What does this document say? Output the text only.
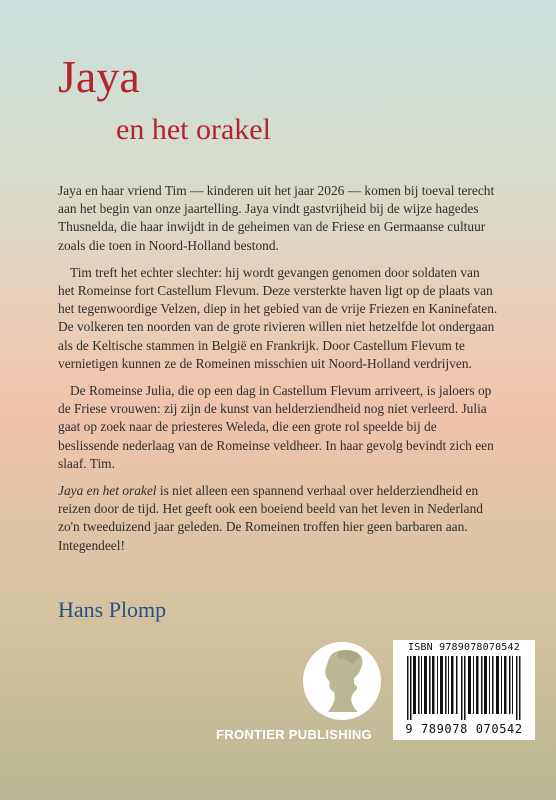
Jaya
en het orakel

Jaya en haar vriend Tim — kinderen uit het jaar 2026 — komen bij toeval terecht aan het begin van onze jaartelling. Jaya vindt gastvrijheid bij de wijze hagedes Thusnelda, die haar inwijdt in de geheimen van de Friese en Germaanse cultuur zoals die toen in Noord-Holland bestond.

Tim treft het echter slechter: hij wordt gevangen genomen door soldaten van het Romeinse fort Castellum Flevum. Deze versterkte haven ligt op de plaats van het tegenwoordige Velzen, diep in het gebied van de vrije Friezen en Kaninefaten. De volkeren ten noorden van de grote rivieren willen niet hetzelfde lot ondergaan als de Keltische stammen in België en Frankrijk. Door Castellum Flevum te vernietigen kunnen ze de Romeinen misschien uit Noord-Holland verdrijven.

De Romeinse Julia, die op een dag in Castellum Flevum arriveert, is jaloers op de Friese vrouwen: zij zijn de kunst van helderziendheid nog niet verleerd. Julia gaat op zoek naar de priesteres Weleda, die een grote rol speelde bij de beslissende nederlaag van de Romeinse veldheer. In haar gevolg bevindt zich een slaaf. Tim.

Jaya en het orakel is niet alleen een spannend verhaal over helderziendheid en reizen door de tijd. Het geeft ook een boeiend beeld van het leven in Nederland zo'n tweeduizend jaar geleden. De Romeinen troffen hier geen barbaren aan. Integendeel!

Hans Plomp
FRONTIER PUBLISHING
ISBN 9789078070542
9 789078 070542
